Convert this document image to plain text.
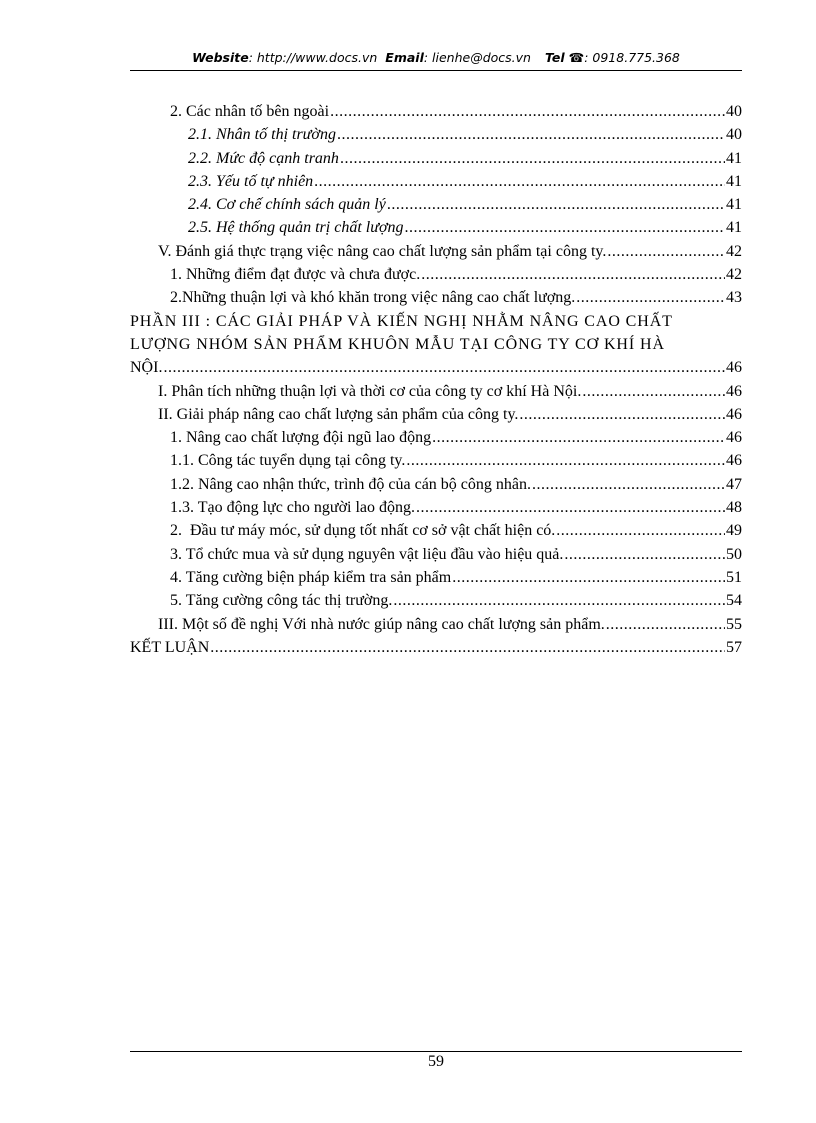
Website: http://www.docs.vn Email: lienhe@docs.vn Tel ☎: 0918.775.368
2. Các nhân tố bên ngoài .....	40
2.1. Nhân tố thị trường .....	40
2.2. Mức độ cạnh tranh .....	41
2.3. Yếu tố tự nhiên .....	41
2.4. Cơ chế chính sách quản lý .....	41
2.5. Hệ thống quản trị chất lượng .....	41
V. Đánh giá thực trạng việc nâng cao chất lượng sản phẩm tại công ty. .....	42
1. Những điểm đạt được và chưa được. .....	42
2.Những thuận lợi và khó khăn trong việc nâng cao chất lượng. .....	43
PHẦN III : CÁC GIẢI PHÁP VÀ KIẾN NGHỊ NHẰM NÂNG CAO CHẤT
LƯỢNG NHÓM SẢN PHẨM KHUÔN MẪU TẠI CÔNG TY CƠ KHÍ HÀ
NỘI. .....	46
I. Phân tích những thuận lợi và thời cơ của công ty cơ khí Hà Nội. .....	46
II. Giải pháp nâng cao chất lượng sản phẩm của công ty. .....	46
1. Nâng cao chất lượng đội ngũ lao động .....	46
1.1. Công tác tuyển dụng tại công ty. .....	46
1.2. Nâng cao nhận thức, trình độ của cán bộ công nhân. .....	47
1.3. Tạo động lực cho người lao động. .....	48
2.  Đầu tư máy móc, sử dụng tốt nhất cơ sở vật chất hiện có. .....	49
3. Tổ chức mua và sử dụng nguyên vật liệu đầu vào hiệu quả. .....	50
4. Tăng cường biện pháp kiểm tra sản phẩm .....	51
5. Tăng cường công tác thị trường. .....	54
III. Một số đề nghị Với nhà nước giúp nâng cao chất lượng sản phẩm. .....	55
KẾT LUẬN .....	57
59
